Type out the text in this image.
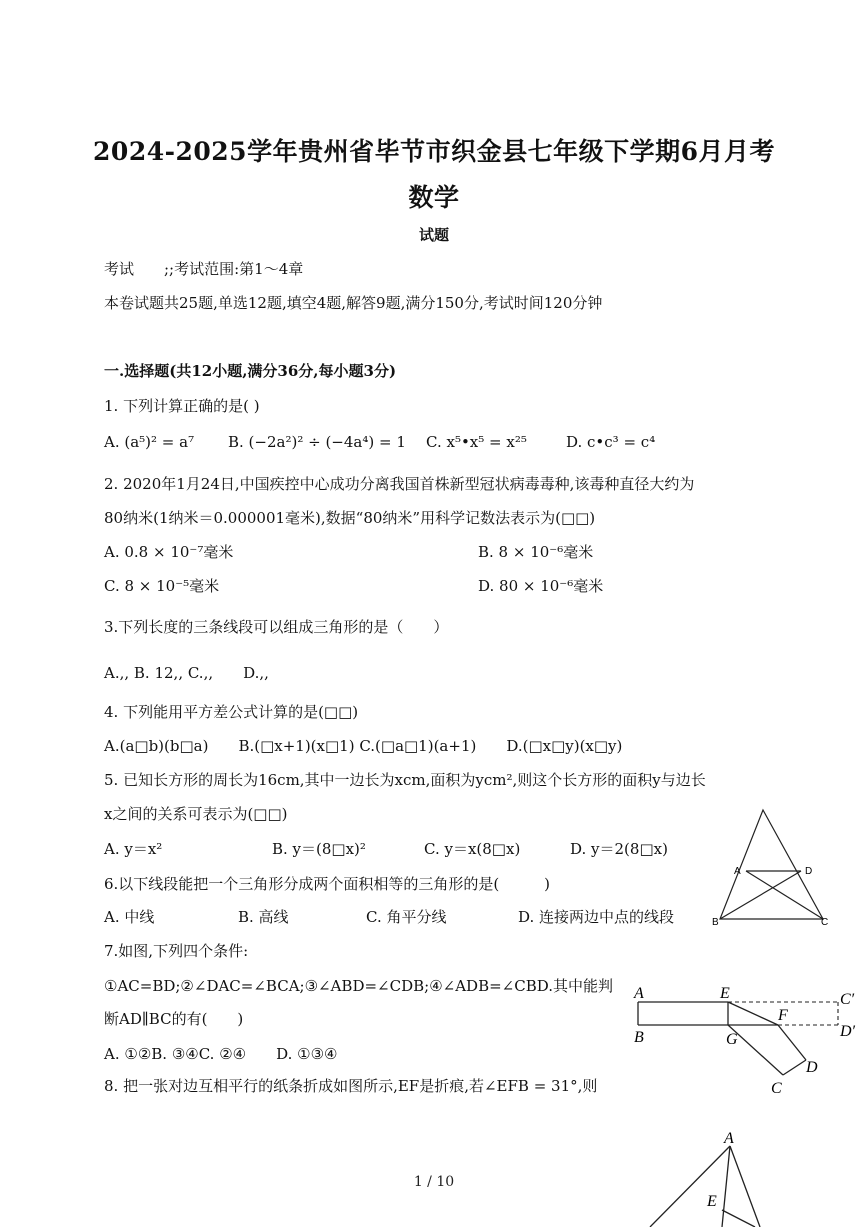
2024-2025学年贵州省毕节市织金县七年级下学期6月月考
数学
试题
考试　　;;考试范围:第1～4章
本卷试题共25题,单选12题,填空4题,解答9题,满分150分,考试时间120分钟
一.选择题(共12小题,满分36分,每小题3分)
1. 下列计算正确的是( )
A. (a⁵)² = a⁷ B. (−2a²)² ÷ (−4a⁴) = 1 C. x⁵•x⁵ = x²⁵	D. c•c³ = c⁴
2. 2020年1月24日,中国疾控中心成功分离我国首株新型冠状病毒毒种,该毒种直径大约为
80纳米(1纳米＝0.000001毫米),数据“80纳米”用科学记数法表示为(□□)
A. 0.8 × 10⁻⁷毫米	B. 8 × 10⁻⁶毫米
C. 8 × 10⁻⁵毫米	D. 80 × 10⁻⁶毫米
3.下列长度的三条线段可以组成三角形的是（　　）
A.,, B. 12,, C.,,　　D.,,
4. 下列能用平方差公式计算的是(□□)
A.(a□b)(b□a)　　B.(□x+1)(x□1) C.(□a□1)(a+1)　　D.(□x□y)(x□y)
5. 已知长方形的周长为16cm,其中一边长为xcm,面积为ycm²,则这个长方形的面积y与边长
x之间的关系可表示为(□□)
A. y＝x²	B. y＝(8□x)²	C. y＝x(8□x)	D. y＝2(8□x)
6.以下线段能把一个三角形分成两个面积相等的三角形的是(　　　)
A. 中线	B. 高线	C. 角平分线	D. 连接两边中点的线段
7.如图,下列四个条件:
①AC=BD;②∠DAC=∠BCA;③∠ABD=∠CDB;④∠ADB=∠CBD.其中能判
断AD∥BC的有(　　)
A. ①②B. ③④C. ②④　　D. ①③④
8. 把一张对边互相平行的纸条折成如图所示,EF是折痕,若∠EFB = 31°,则
A	D
B	C
A	E	C′
B	G
F
D′
D
C
A
E
1 / 10
